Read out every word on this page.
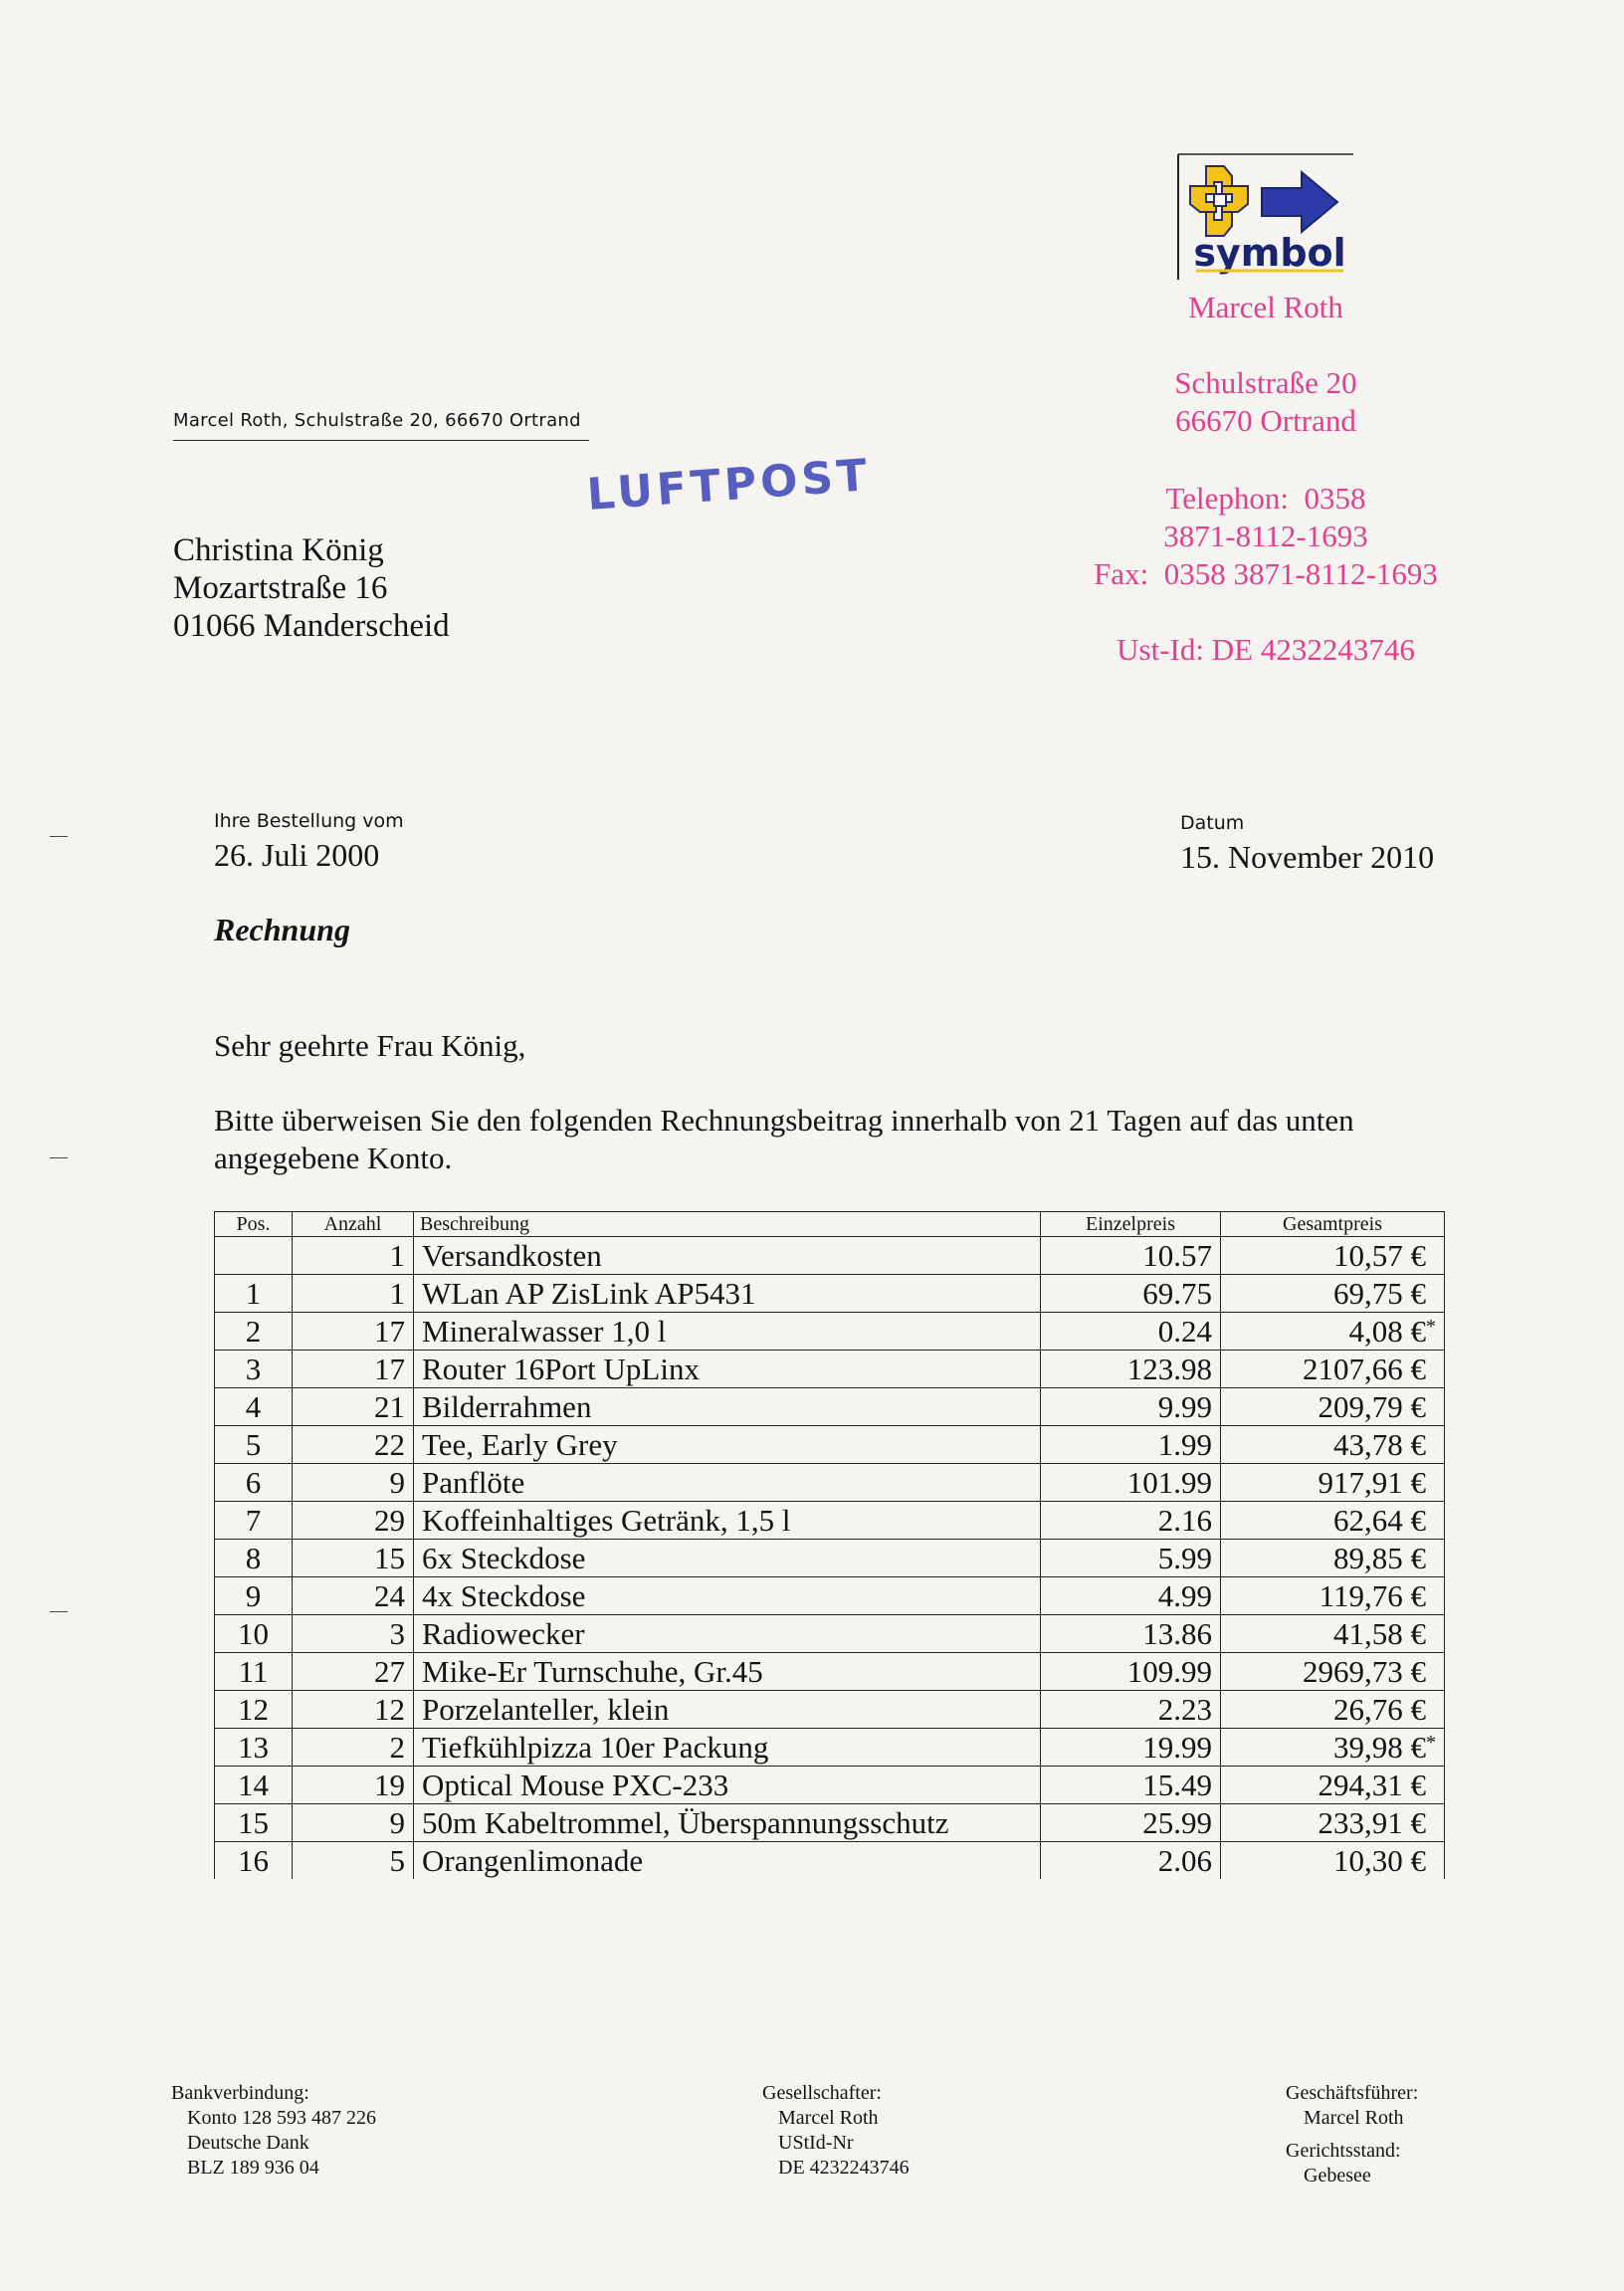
symbol
Marcel Roth
Schulstraße 20
66670 Ortrand
Telephon: 0358
3871-8112-1693
Fax: 0358 3871-8112-1693
Ust-Id: DE 4232243746
Marcel Roth, Schulstraße 20, 66670 Ortrand
LUFTPOST
Christina König
Mozartstraße 16
01066 Manderscheid
Ihre Bestellung vom
26. Juli 2000
Datum
15. November 2010
Rechnung
Sehr geehrte Frau König,
Bitte überweisen Sie den folgenden Rechnungsbeitrag innerhalb von 21 Tagen auf das unten angegebene Konto.
Pos.	Anzahl	Beschreibung	Einzelpreis	Gesamtpreis
	1	Versandkosten	10.57	10,57 €
1	1	WLan AP ZisLink AP5431	69.75	69,75 €
2	17	Mineralwasser 1,0 l	0.24	4,08 €*
3	17	Router 16Port UpLinx	123.98	2107,66 €
4	21	Bilderrahmen	9.99	209,79 €
5	22	Tee, Early Grey	1.99	43,78 €
6	9	Panflöte	101.99	917,91 €
7	29	Koffeinhaltiges Getränk, 1,5 l	2.16	62,64 €
8	15	6x Steckdose	5.99	89,85 €
9	24	4x Steckdose	4.99	119,76 €
10	3	Radiowecker	13.86	41,58 €
11	27	Mike-Er Turnschuhe, Gr.45	109.99	2969,73 €
12	12	Porzelanteller, klein	2.23	26,76 €
13	2	Tiefkühlpizza 10er Packung	19.99	39,98 €*
14	19	Optical Mouse PXC-233	15.49	294,31 €
15	9	50m Kabeltrommel, Überspannungsschutz	25.99	233,91 €
16	5	Orangenlimonade	2.06	10,30 €
Bankverbindung:
Konto 128 593 487 226
Deutsche Dank
BLZ 189 936 04
Gesellschafter:
Marcel Roth
UStId-Nr
DE 4232243746
Geschäftsführer:
Marcel Roth
Gerichtsstand:
Gebesee
